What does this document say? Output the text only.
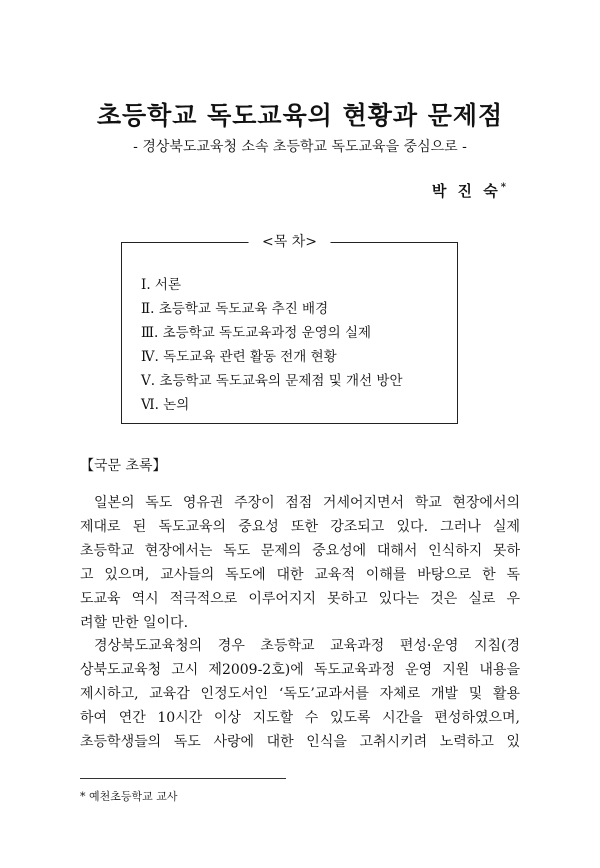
초등학교 독도교육의 현황과 문제점
- 경상북도교육청 소속 초등학교 독도교육을 중심으로 -
박 진 숙*
<목 차>
Ⅰ. 서론
Ⅱ. 초등학교 독도교육 추진 배경
Ⅲ. 초등학교 독도교육과정 운영의 실제
Ⅳ. 독도교육 관련 활동 전개 현황
Ⅴ. 초등학교 독도교육의 문제점 및 개선 방안
Ⅵ. 논의
【국문 초록】
일본의 독도 영유권 주장이 점점 거세어지면서 학교 현장에서의
제대로 된 독도교육의 중요성 또한 강조되고 있다. 그러나 실제
초등학교 현장에서는 독도 문제의 중요성에 대해서 인식하지 못하
고 있으며, 교사들의 독도에 대한 교육적 이해를 바탕으로 한 독
도교육 역시 적극적으로 이루어지지 못하고 있다는 것은 실로 우
려할 만한 일이다.
경상북도교육청의 경우 초등학교 교육과정 편성·운영 지침(경
상북도교육청 고시 제2009-2호)에 독도교육과정 운영 지원 내용을
제시하고, 교육감 인정도서인 ‘독도’교과서를 자체로 개발 및 활용
하여 연간 10시간 이상 지도할 수 있도록 시간을 편성하였으며,
초등학생들의 독도 사랑에 대한 인식을 고취시키려 노력하고 있
* 예천초등학교 교사
